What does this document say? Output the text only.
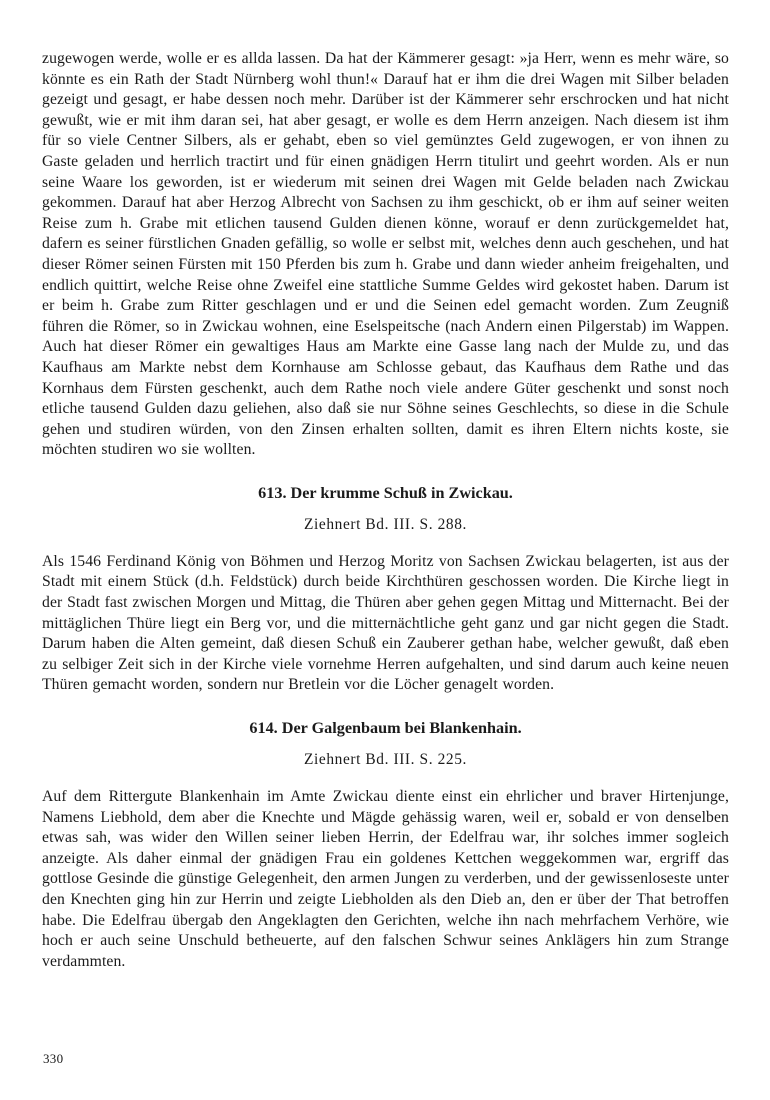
zugewogen werde, wolle er es allda lassen. Da hat der Kämmerer gesagt: »ja Herr, wenn es mehr wäre, so könnte es ein Rath der Stadt Nürnberg wohl thun!« Darauf hat er ihm die drei Wagen mit Silber beladen gezeigt und gesagt, er habe dessen noch mehr. Darüber ist der Kämmerer sehr erschrocken und hat nicht gewußt, wie er mit ihm daran sei, hat aber gesagt, er wolle es dem Herrn anzeigen. Nach diesem ist ihm für so viele Centner Silbers, als er gehabt, eben so viel gemünztes Geld zugewogen, er von ihnen zu Gaste geladen und herrlich tractirt und für einen gnädigen Herrn titulirt und geehrt worden. Als er nun seine Waare los geworden, ist er wiederum mit seinen drei Wagen mit Gelde beladen nach Zwickau gekommen. Darauf hat aber Herzog Albrecht von Sachsen zu ihm geschickt, ob er ihm auf seiner weiten Reise zum h. Grabe mit etlichen tausend Gulden dienen könne, worauf er denn zurückgemeldet hat, dafern es seiner fürstlichen Gnaden gefällig, so wolle er selbst mit, welches denn auch geschehen, und hat dieser Römer seinen Fürsten mit 150 Pferden bis zum h. Grabe und dann wieder anheim freigehalten, und endlich quittirt, welche Reise ohne Zweifel eine stattliche Summe Geldes wird gekostet haben. Darum ist er beim h. Grabe zum Ritter geschlagen und er und die Seinen edel gemacht worden. Zum Zeugniß führen die Römer, so in Zwickau wohnen, eine Eselspeitsche (nach Andern einen Pilgerstab) im Wappen. Auch hat dieser Römer ein gewaltiges Haus am Markte eine Gasse lang nach der Mulde zu, und das Kaufhaus am Markte nebst dem Kornhause am Schlosse gebaut, das Kaufhaus dem Rathe und das Kornhaus dem Fürsten geschenkt, auch dem Rathe noch viele andere Güter geschenkt und sonst noch etliche tausend Gulden dazu geliehen, also daß sie nur Söhne seines Geschlechts, so diese in die Schule gehen und studiren würden, von den Zinsen erhalten sollten, damit es ihren Eltern nichts koste, sie möchten studiren wo sie wollten.

613. Der krumme Schuß in Zwickau.

Ziehnert Bd. III. S. 288.

Als 1546 Ferdinand König von Böhmen und Herzog Moritz von Sachsen Zwickau belagerten, ist aus der Stadt mit einem Stück (d.h. Feldstück) durch beide Kirchthüren geschossen worden. Die Kirche liegt in der Stadt fast zwischen Morgen und Mittag, die Thüren aber gehen gegen Mittag und Mitternacht. Bei der mittäglichen Thüre liegt ein Berg vor, und die mitternächtliche geht ganz und gar nicht gegen die Stadt. Darum haben die Alten gemeint, daß diesen Schuß ein Zauberer gethan habe, welcher gewußt, daß eben zu selbiger Zeit sich in der Kirche viele vornehme Herren aufgehalten, und sind darum auch keine neuen Thüren gemacht worden, sondern nur Bretlein vor die Löcher genagelt worden.

614. Der Galgenbaum bei Blankenhain.

Ziehnert Bd. III. S. 225.

Auf dem Rittergute Blankenhain im Amte Zwickau diente einst ein ehrlicher und braver Hirtenjunge, Namens Liebhold, dem aber die Knechte und Mägde gehässig waren, weil er, sobald er von denselben etwas sah, was wider den Willen seiner lieben Herrin, der Edelfrau war, ihr solches immer sogleich anzeigte. Als daher einmal der gnädigen Frau ein goldenes Kettchen weggekommen war, ergriff das gottlose Gesinde die günstige Gelegenheit, den armen Jungen zu verderben, und der gewissenloseste unter den Knechten ging hin zur Herrin und zeigte Liebholden als den Dieb an, den er über der That betroffen habe. Die Edelfrau übergab den Angeklagten den Gerichten, welche ihn nach mehrfachem Verhöre, wie hoch er auch seine Unschuld betheuerte, auf den falschen Schwur seines Anklägers hin zum Strange verdammten.

330
